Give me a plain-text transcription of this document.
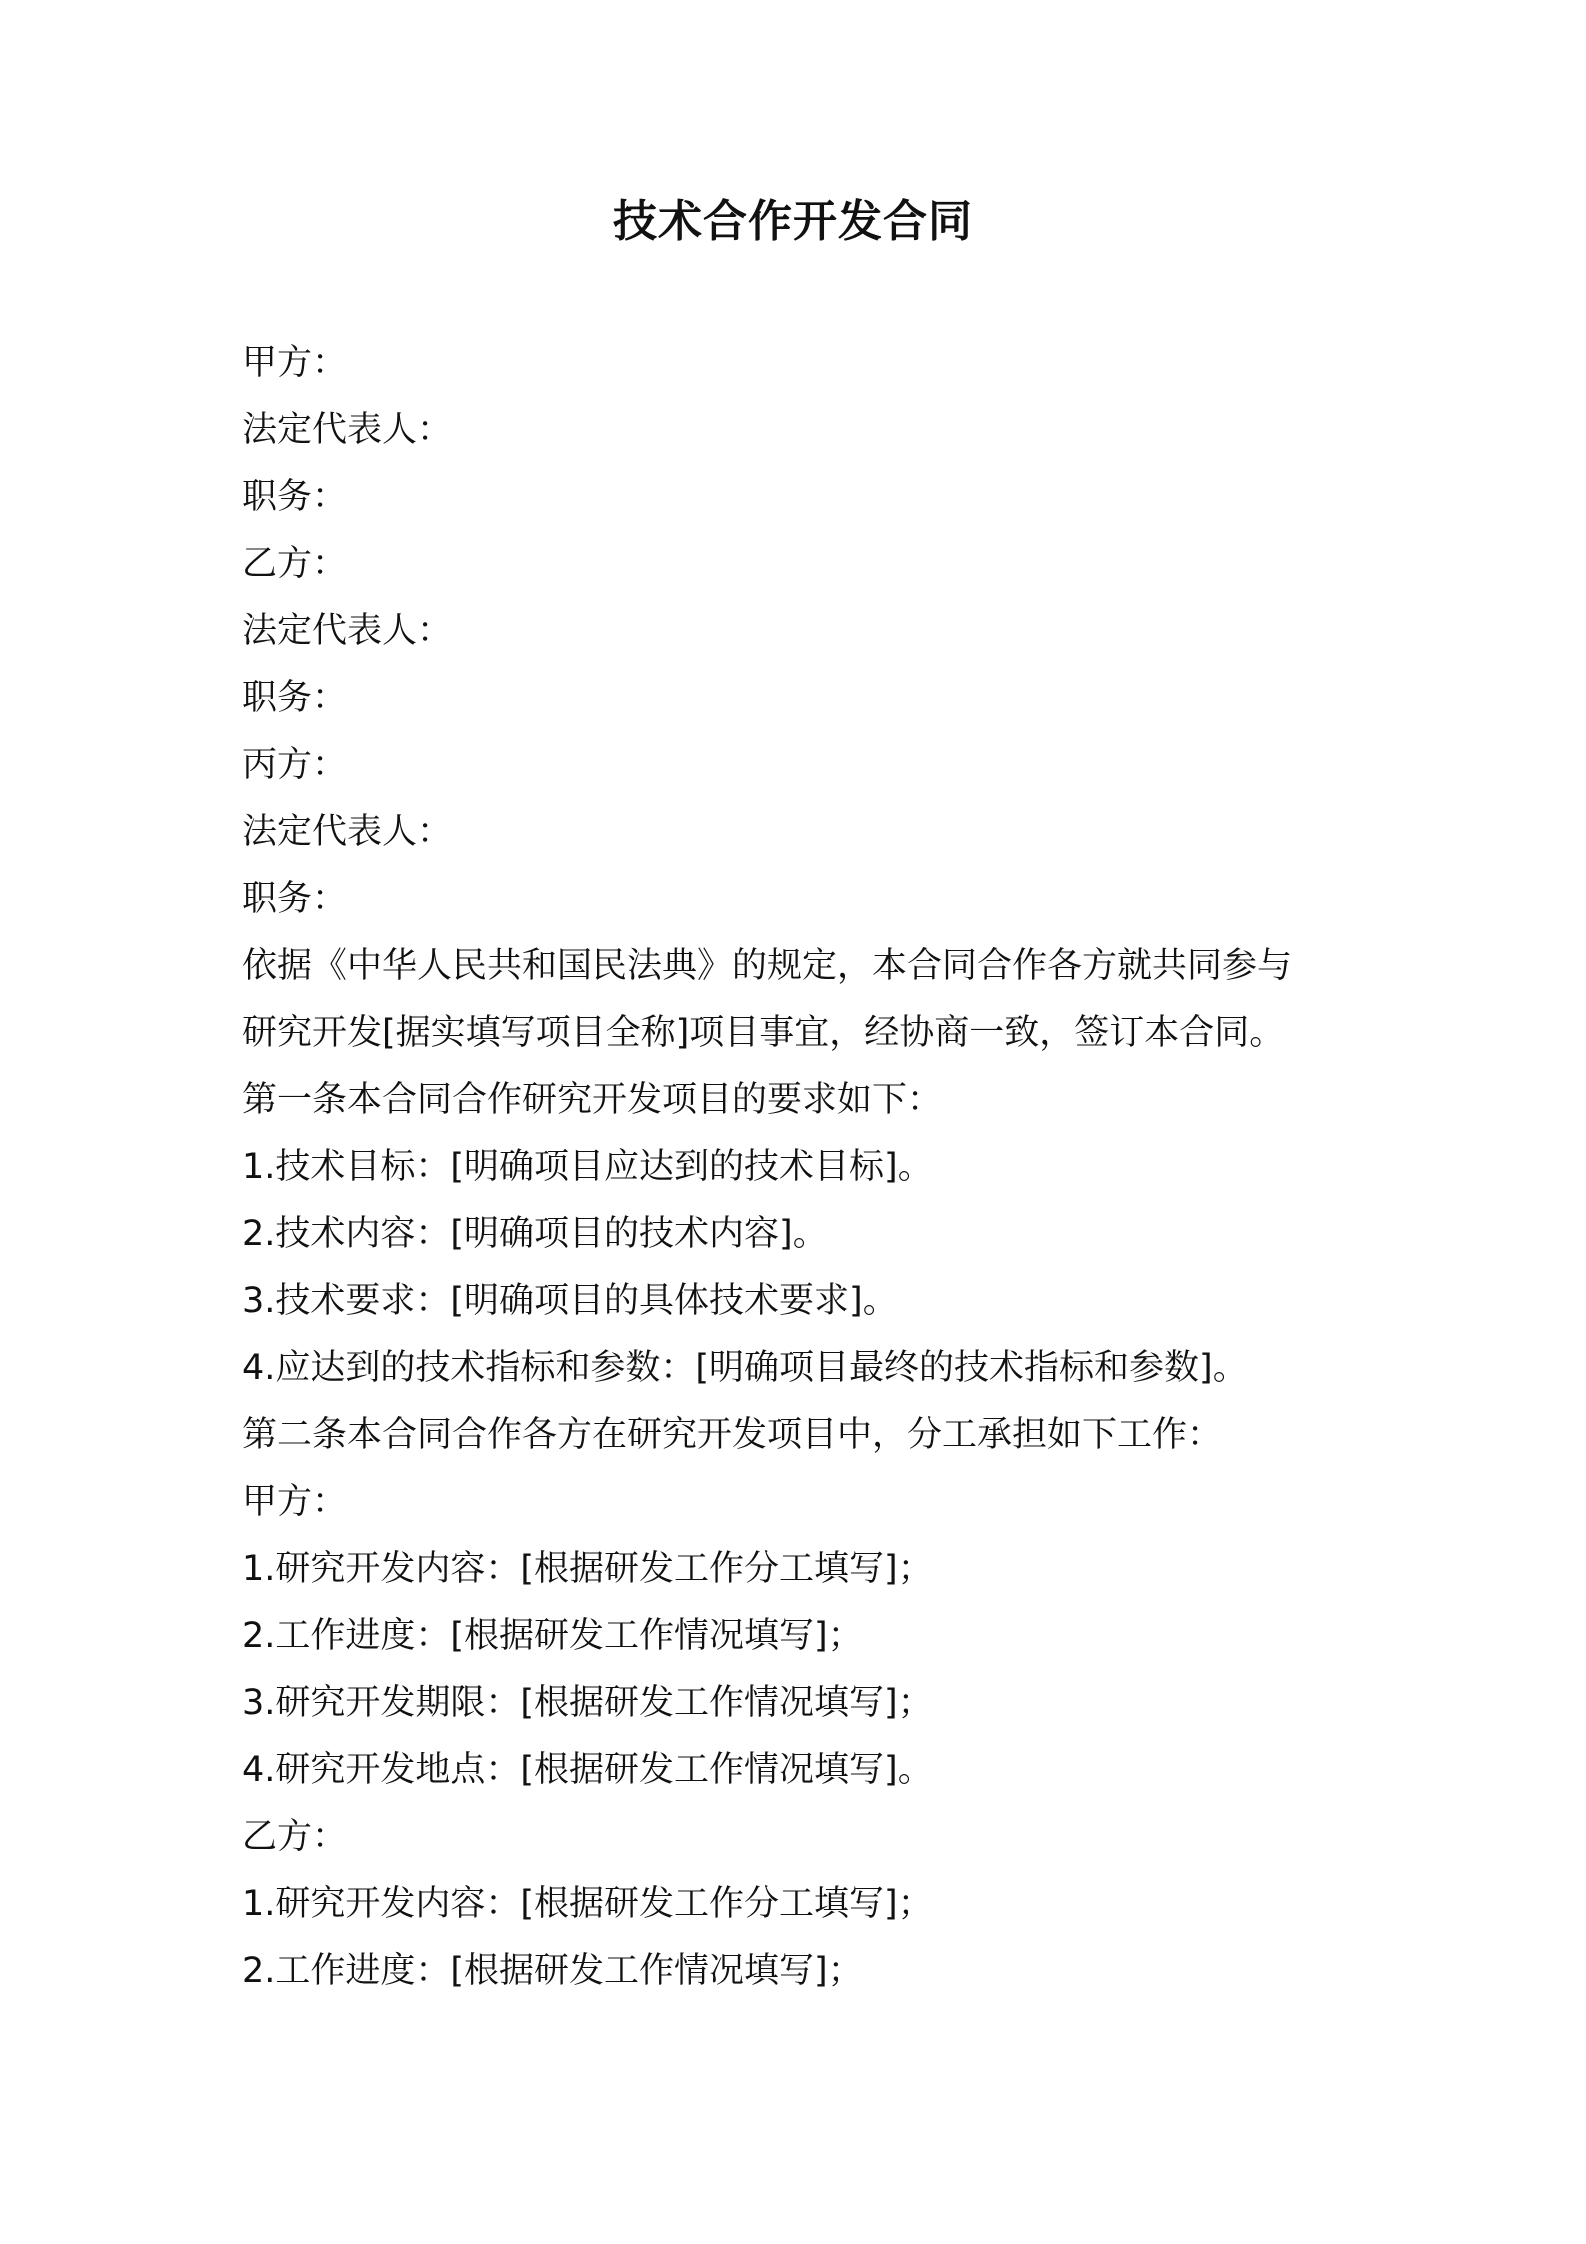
技术合作开发合同
甲方：
法定代表人：
职务：
乙方：
法定代表人：
职务：
丙方：
法定代表人：
职务：
依据《中华人民共和国民法典》的规定，本合同合作各方就共同参与
研究开发[据实填写项目全称]项目事宜，经协商一致，签订本合同。
第一条本合同合作研究开发项目的要求如下：
1.技术目标：[明确项目应达到的技术目标]。
2.技术内容：[明确项目的技术内容]。
3.技术要求：[明确项目的具体技术要求]。
4.应达到的技术指标和参数：[明确项目最终的技术指标和参数]。
第二条本合同合作各方在研究开发项目中，分工承担如下工作：
甲方：
1.研究开发内容：[根据研发工作分工填写]；
2.工作进度：[根据研发工作情况填写]；
3.研究开发期限：[根据研发工作情况填写]；
4.研究开发地点：[根据研发工作情况填写]。
乙方：
1.研究开发内容：[根据研发工作分工填写]；
2.工作进度：[根据研发工作情况填写]；
